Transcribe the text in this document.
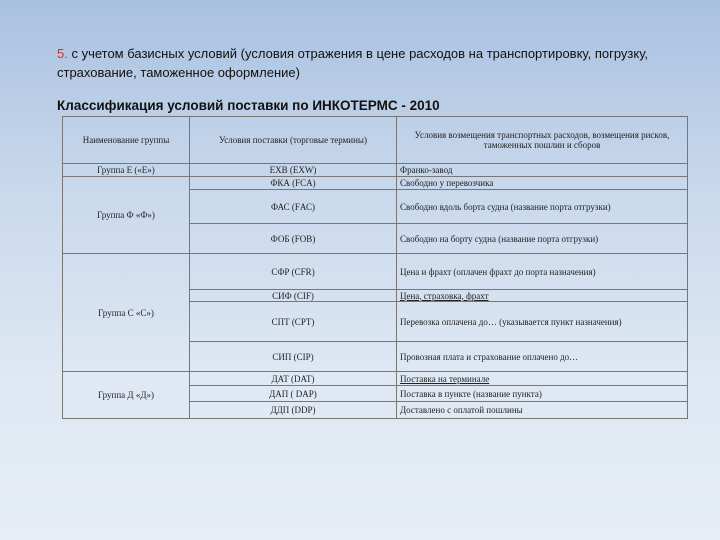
5. с учетом базисных условий (условия отражения в цене расходов на транспортировку, погрузку, страхование, таможенное оформление)
Классификация условий поставки по ИНКОТЕРМС - 2010
Наименование группы	Условия поставки (торговые термины)	Условия возмещения транспортных расходов, возмещения рисков, таможенных пошлин и сборов
Группа Е («Е»)	ЕХВ (ЕХW)	Франко-завод
Группа Ф «Ф»)	ФКА (FCA)	Свободно у перевозчика
	ФАС (FАС)	Свободно вдоль борта судна (название порта отгрузки)
	ФОБ (FОВ)	Свободно на борту судна (название порта отгрузки)
Группа С «С»)	СФР (CFR)	Цена и фрахт (оплачен фрахт до порта назначения)
	СИФ (CIF)	Цена, страховка, фрахт
	СПТ (СРТ)	Перевозка оплачена до… (указывается пункт назначения)
	СИП (CIP)	Провозная плата и страхование оплачено до…
Группа Д «Д»)	ДАТ (DAT)	Поставка на терминале
	ДАП ( DAP)	Поставка в пункте (название пункта)
	ДДП (DDP)	Доставлено с оплатой пошлины
